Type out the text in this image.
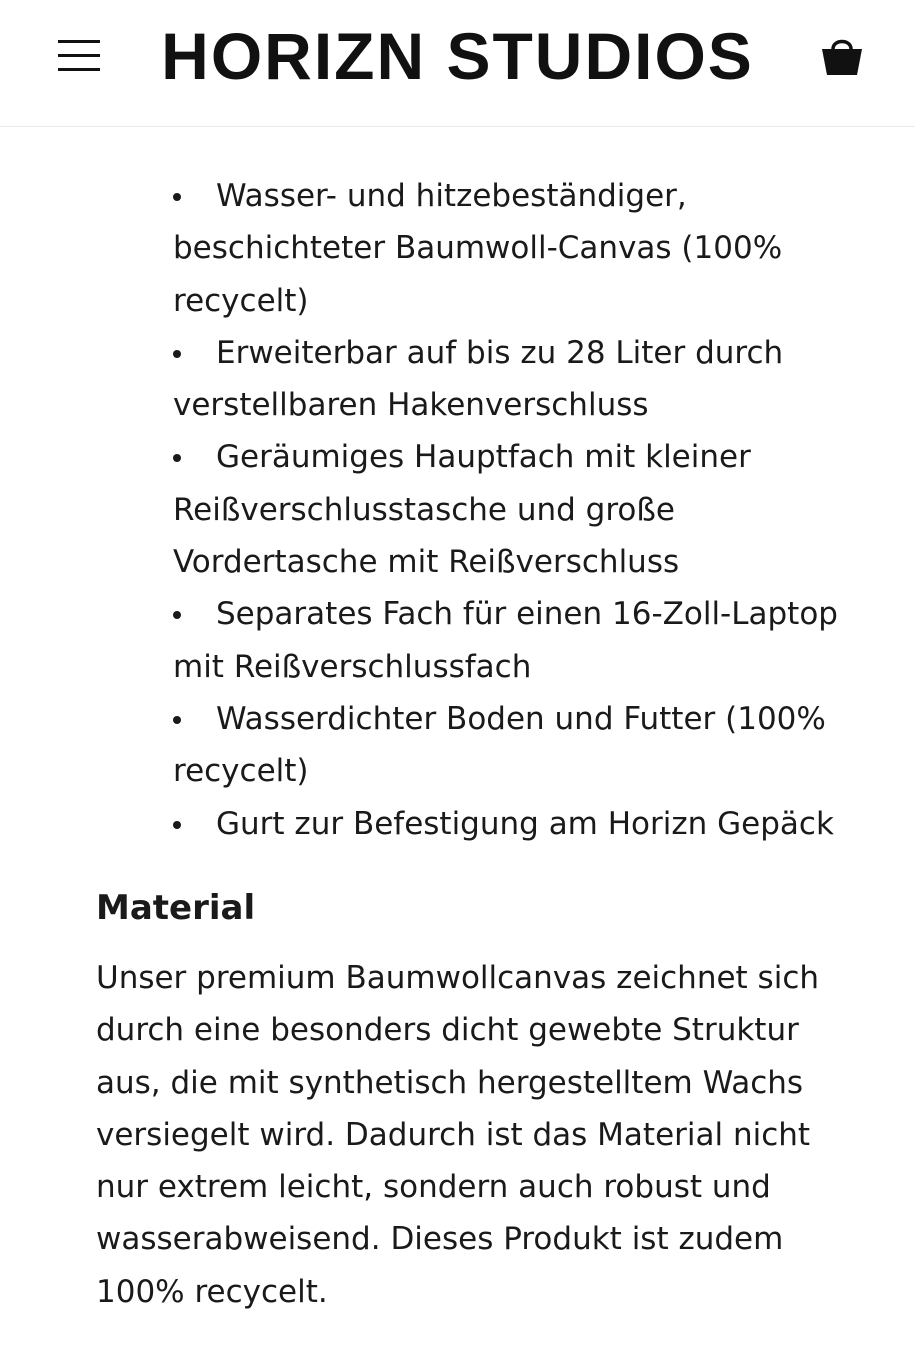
HORIZN STUDIOS
Wasser- und hitzebeständiger, beschichteter Baumwoll-Canvas (100% recycelt)
Erweiterbar auf bis zu 28 Liter durch verstellbaren Hakenverschluss
Geräumiges Hauptfach mit kleiner Reißverschlusstasche und große Vordertasche mit Reißverschluss
Separates Fach für einen 16-Zoll-Laptop mit Reißverschlussfach
Wasserdichter Boden und Futter (100% recycelt)
Gurt zur Befestigung am Horizn Gepäck
Material

Unser premium Baumwollcanvas zeichnet sich durch eine besonders dicht gewebte Struktur aus, die mit synthetisch hergestelltem Wachs versiegelt wird. Dadurch ist das Material nicht nur extrem leicht, sondern auch robust und wasserabweisend. Dieses Produkt ist zudem 100% recycelt.
